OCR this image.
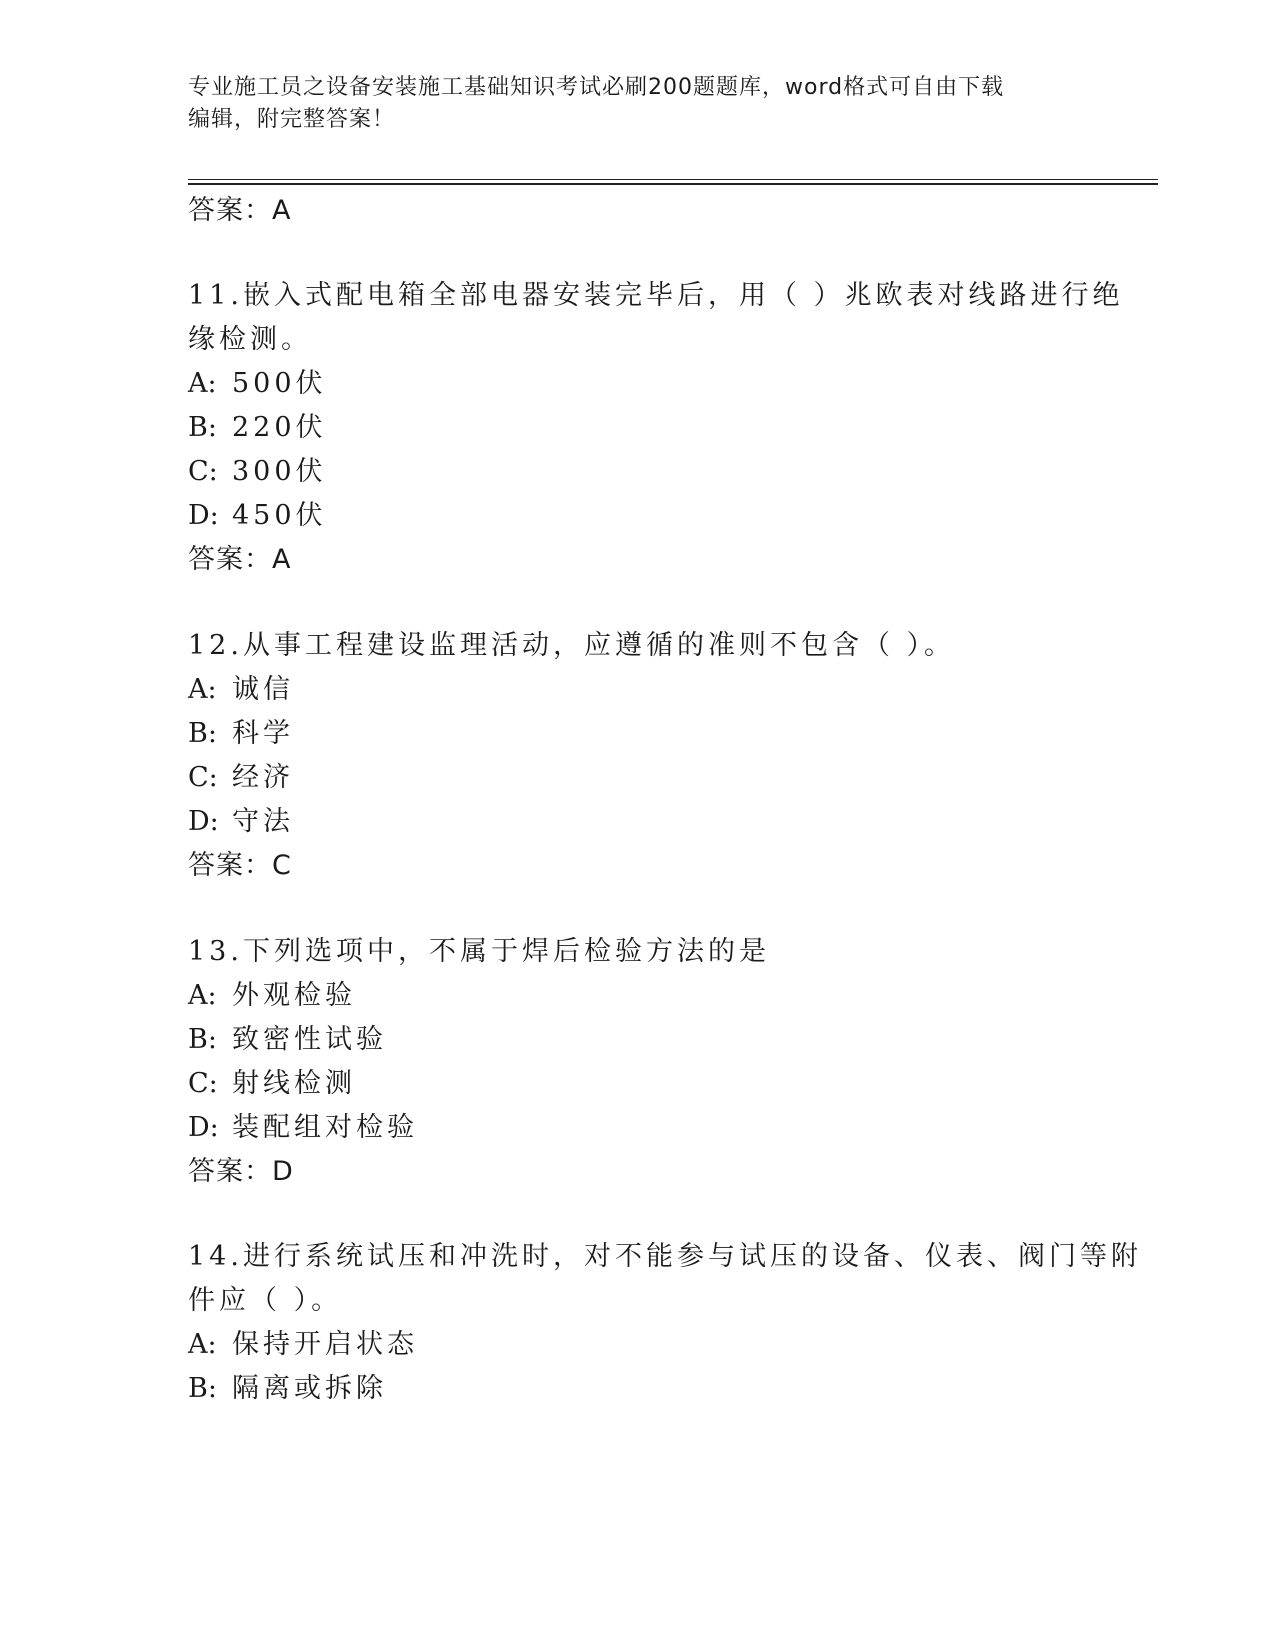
专业施工员之设备安装施工基础知识考试必刷200题题库，word格式可自由下载
编辑，附完整答案！
答案：A
11.嵌入式配电箱全部电器安装完毕后，用（ ）兆欧表对线路进行绝
缘检测。
A: 500伏
B: 220伏
C: 300伏
D: 450伏
答案：A
12.从事工程建设监理活动，应遵循的准则不包含（ ）。
A: 诚信
B: 科学
C: 经济
D: 守法
答案：C
13.下列选项中，不属于焊后检验方法的是
A: 外观检验
B: 致密性试验
C: 射线检测
D: 装配组对检验
答案：D
14.进行系统试压和冲洗时，对不能参与试压的设备、仪表、阀门等附
件应（ ）。
A: 保持开启状态
B: 隔离或拆除
